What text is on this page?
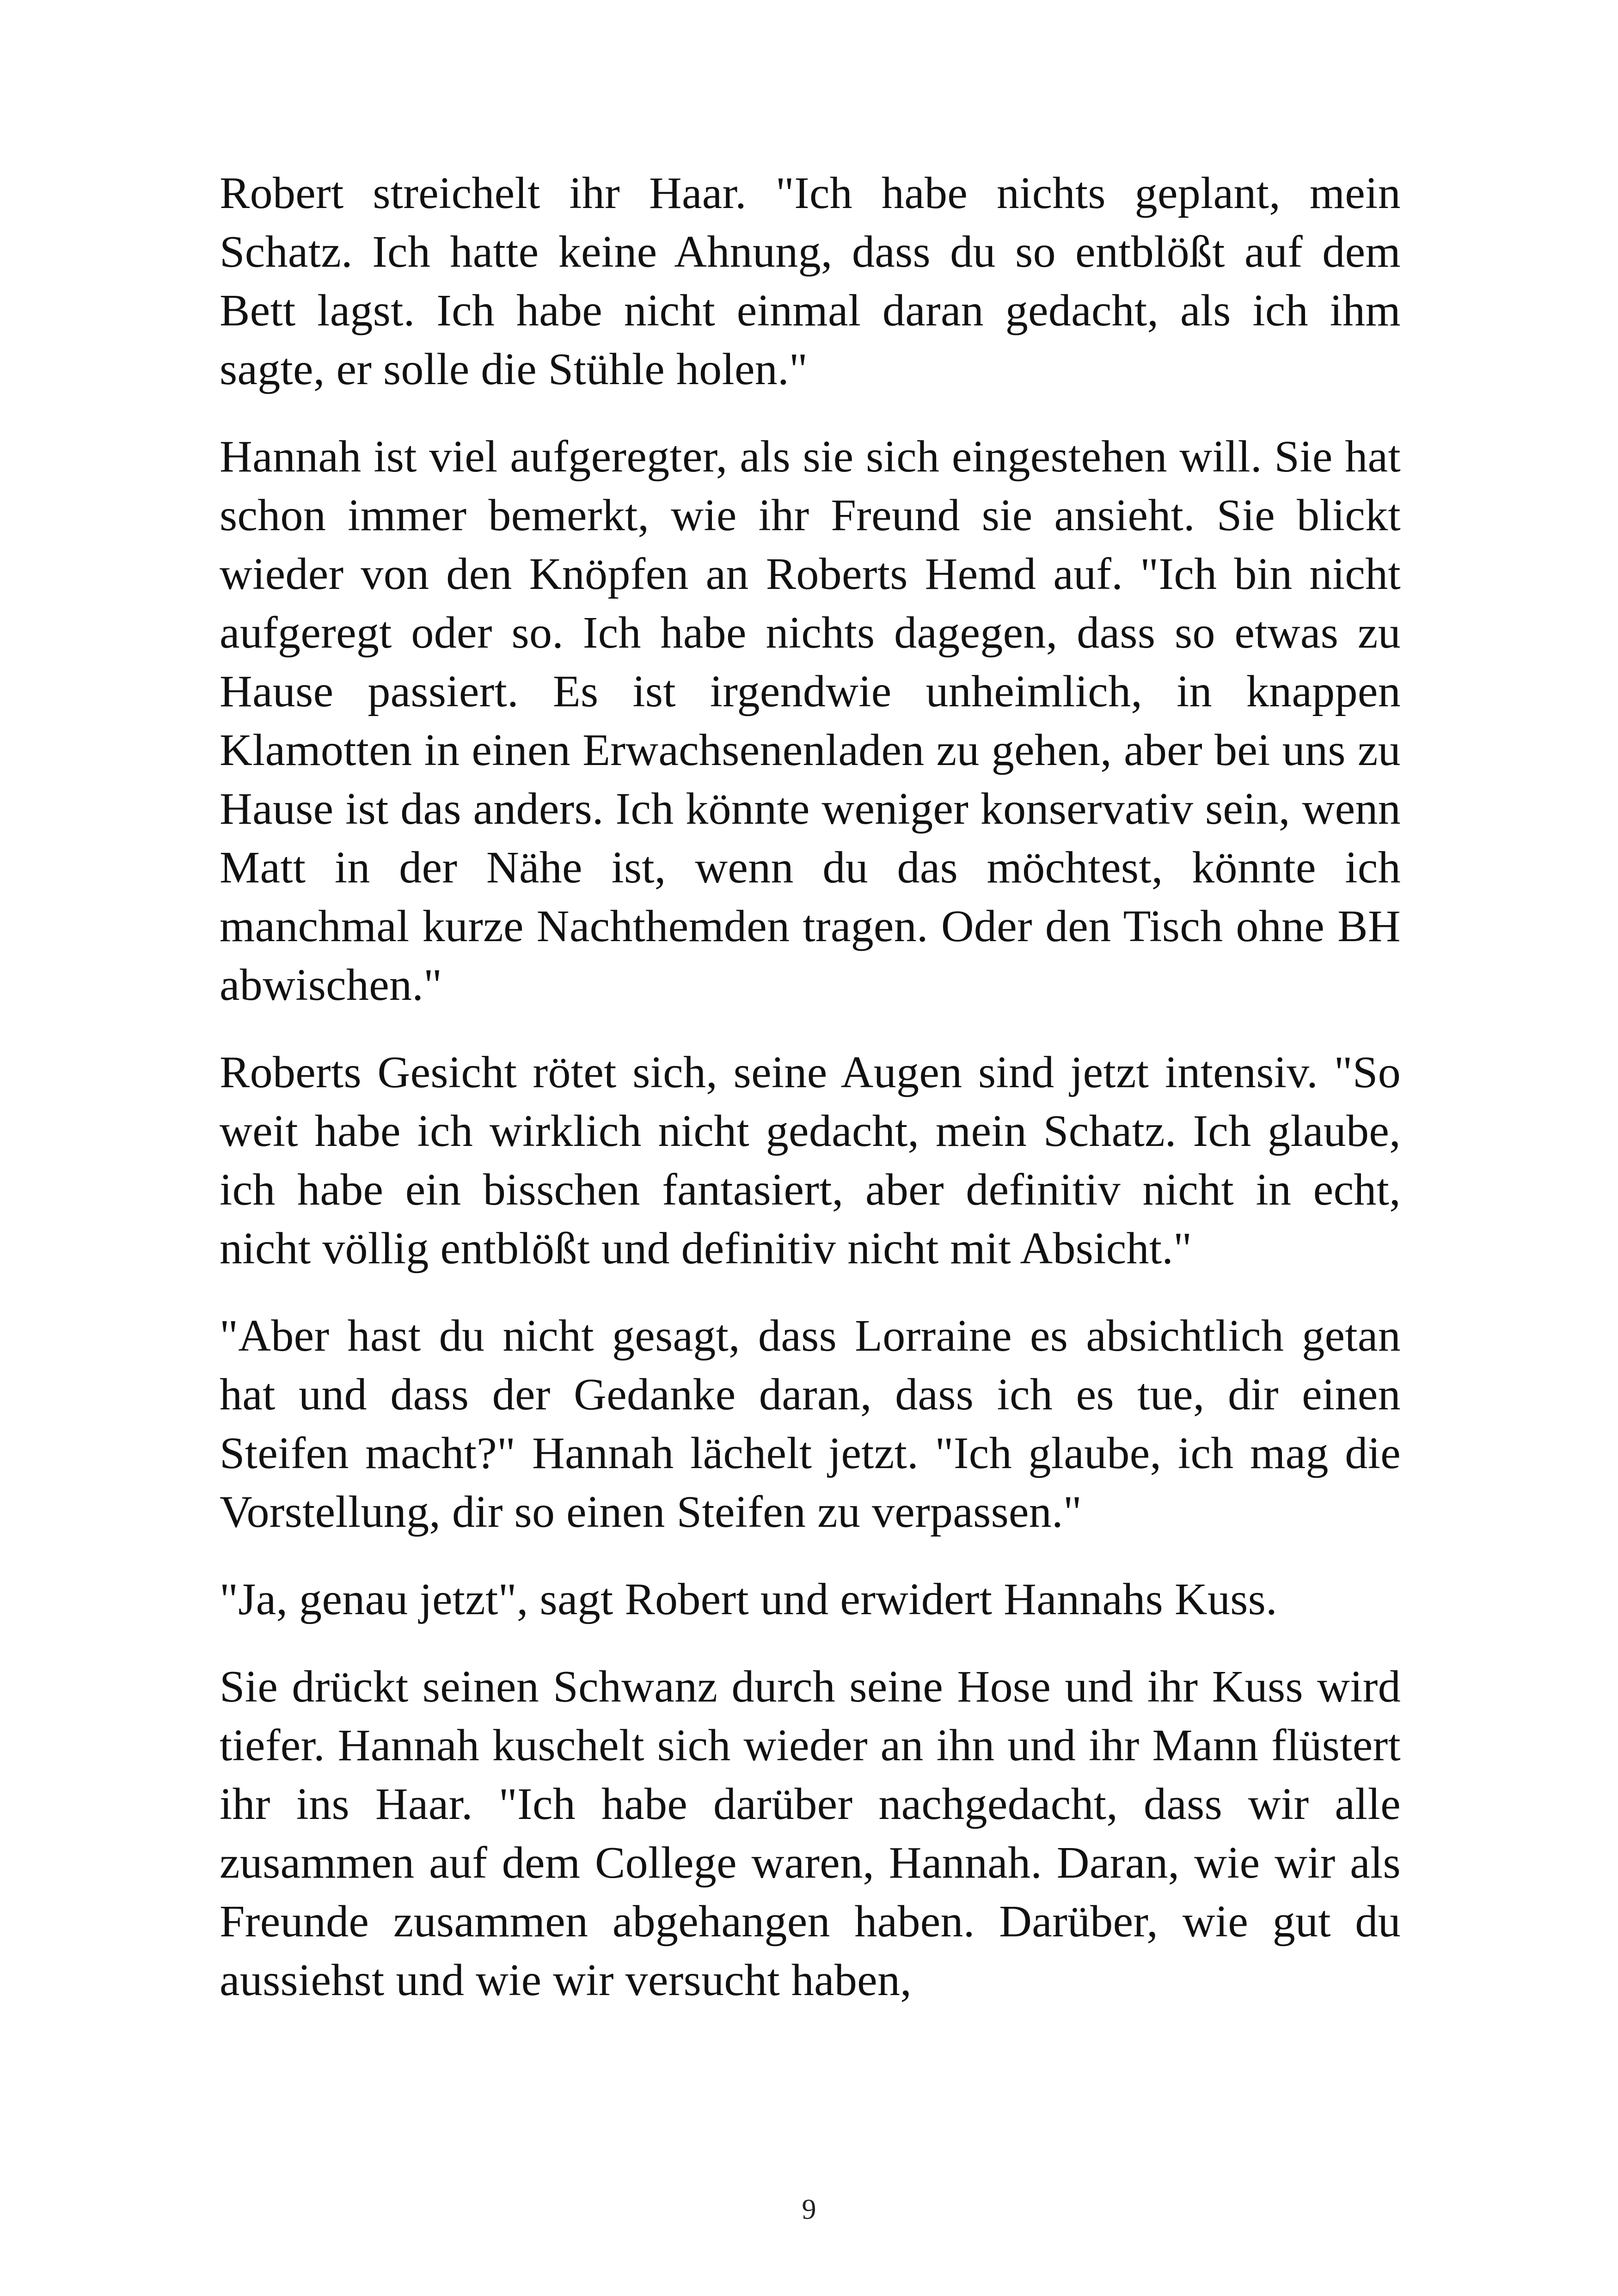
Robert streichelt ihr Haar. "Ich habe nichts geplant, mein Schatz. Ich hatte keine Ahnung, dass du so entblößt auf dem Bett lagst. Ich habe nicht einmal daran gedacht, als ich ihm sagte, er solle die Stühle holen."

Hannah ist viel aufgeregter, als sie sich eingestehen will. Sie hat schon immer bemerkt, wie ihr Freund sie ansieht. Sie blickt wieder von den Knöpfen an Roberts Hemd auf. "Ich bin nicht aufgeregt oder so. Ich habe nichts dagegen, dass so etwas zu Hause passiert. Es ist irgendwie unheimlich, in knappen Klamotten in einen Erwachsenenladen zu gehen, aber bei uns zu Hause ist das anders. Ich könnte weniger konservativ sein, wenn Matt in der Nähe ist, wenn du das möchtest, könnte ich manchmal kurze Nachthemden tragen. Oder den Tisch ohne BH abwischen."

Roberts Gesicht rötet sich, seine Augen sind jetzt intensiv. "So weit habe ich wirklich nicht gedacht, mein Schatz. Ich glaube, ich habe ein bisschen fantasiert, aber definitiv nicht in echt, nicht völlig entblößt und definitiv nicht mit Absicht."

"Aber hast du nicht gesagt, dass Lorraine es absichtlich getan hat und dass der Gedanke daran, dass ich es tue, dir einen Steifen macht?" Hannah lächelt jetzt. "Ich glaube, ich mag die Vorstellung, dir so einen Steifen zu verpassen."

"Ja, genau jetzt", sagt Robert und erwidert Hannahs Kuss.

Sie drückt seinen Schwanz durch seine Hose und ihr Kuss wird tiefer. Hannah kuschelt sich wieder an ihn und ihr Mann flüstert ihr ins Haar. "Ich habe darüber nachgedacht, dass wir alle zusammen auf dem College waren, Hannah. Daran, wie wir als Freunde zusammen abgehangen haben. Darüber, wie gut du aussiehst und wie wir versucht haben,

9
